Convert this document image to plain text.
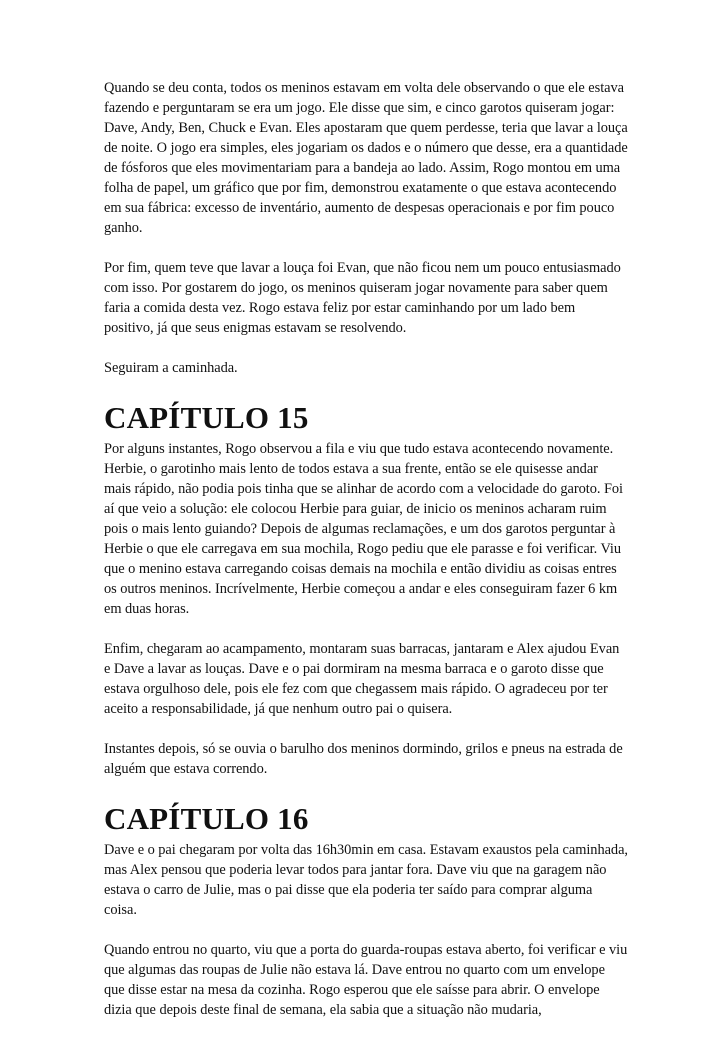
Quando se deu conta, todos os meninos estavam em volta dele observando o que ele estava fazendo e perguntaram se era um jogo. Ele disse que sim, e cinco garotos quiseram jogar: Dave, Andy, Ben, Chuck e Evan. Eles apostaram que quem perdesse, teria que lavar a louça de noite. O jogo era simples, eles jogariam os dados e o número que desse, era a quantidade de fósforos que eles movimentariam para a bandeja ao lado. Assim, Rogo montou em uma folha de papel, um gráfico que por fim, demonstrou exatamente o que estava acontecendo em sua fábrica: excesso de inventário, aumento de despesas operacionais e por fim pouco ganho.

Por fim, quem teve que lavar a louça foi Evan, que não ficou nem um pouco entusiasmado com isso. Por gostarem do jogo, os meninos quiseram jogar novamente para saber quem faria a comida desta vez. Rogo estava feliz por estar caminhando por um lado bem positivo, já que seus enigmas estavam se resolvendo.

Seguiram a caminhada.

CAPÍTULO 15

Por alguns instantes, Rogo observou a fila e viu que tudo estava acontecendo novamente. Herbie, o garotinho mais lento de todos estava a sua frente, então se ele quisesse andar mais rápido, não podia pois tinha que se alinhar de acordo com a velocidade do garoto. Foi aí que veio a solução: ele colocou Herbie para guiar, de inicio os meninos acharam ruim pois o mais lento guiando? Depois de algumas reclamações, e um dos garotos perguntar à Herbie o que ele carregava em sua mochila, Rogo pediu que ele parasse e foi verificar. Viu que o menino estava carregando coisas demais na mochila e então dividiu as coisas entres os outros meninos. Incrívelmente, Herbie começou a andar e eles conseguiram fazer 6 km em duas horas.

Enfim, chegaram ao acampamento, montaram suas barracas, jantaram e Alex ajudou Evan e Dave a lavar as louças. Dave e o pai dormiram na mesma barraca e o garoto disse que estava orgulhoso dele, pois ele fez com que chegassem mais rápido. O agradeceu por ter aceito a responsabilidade, já que nenhum outro pai o quisera.

Instantes depois, só se ouvia o barulho dos meninos dormindo, grilos e pneus na estrada de alguém que estava correndo.

CAPÍTULO 16

Dave e o pai chegaram por volta das 16h30min em casa. Estavam exaustos pela caminhada, mas Alex pensou que poderia levar todos para jantar fora. Dave viu que na garagem não estava o carro de Julie, mas o pai disse que ela poderia ter saído para comprar alguma coisa.

Quando entrou no quarto, viu que a porta do guarda-roupas estava aberto, foi verificar e viu que algumas das roupas de Julie não estava lá. Dave entrou no quarto com um envelope que disse estar na mesa da cozinha. Rogo esperou que ele saísse para abrir. O envelope dizia que depois deste final de semana, ela sabia que a situação não mudaria,
